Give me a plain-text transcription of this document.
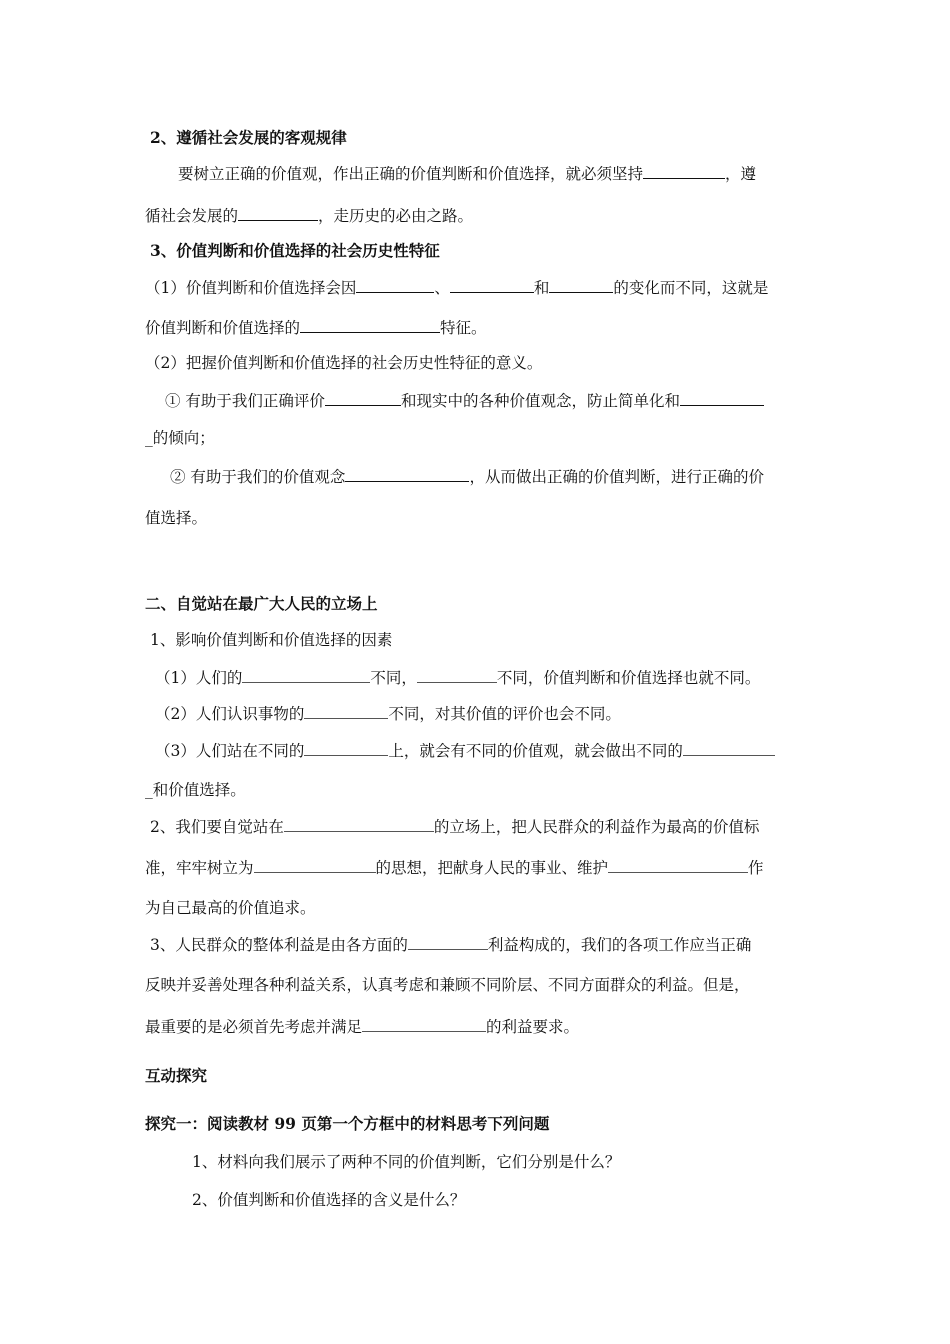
2、遵循社会发展的客观规律
要树立正确的价值观，作出正确的价值判断和价值选择，就必须坚持	，遵
循社会发展的	，走历史的必由之路。
3、价值判断和价值选择的社会历史性特征
（1）价值判断和价值选择会因	、	和	的变化而不同，这就是
价值判断和价值选择的	特征。
（2）把握价值判断和价值选择的社会历史性特征的意义。
① 有助于我们正确评价	和现实中的各种价值观念，防止简单化和
_的倾向；
② 有助于我们的价值观念	，从而做出正确的价值判断，进行正确的价
值选择。
二、自觉站在最广大人民的立场上
1、影响价值判断和价值选择的因素
（1）人们的	不同，	不同，价值判断和价值选择也就不同。
（2）人们认识事物的	不同，对其价值的评价也会不同。
（3）人们站在不同的	上，就会有不同的价值观，就会做出不同的
_和价值选择。
2、我们要自觉站在	的立场上，把人民群众的利益作为最高的价值标
准，牢牢树立为	的思想，把献身人民的事业、维护	作
为自己最高的价值追求。
3、人民群众的整体利益是由各方面的	利益构成的，我们的各项工作应当正确
反映并妥善处理各种利益关系，认真考虑和兼顾不同阶层、不同方面群众的利益。但是，
最重要的是必须首先考虑并满足	的利益要求。
互动探究
探究一：阅读教材 99 页第一个方框中的材料思考下列问题
1、材料向我们展示了两种不同的价值判断，它们分别是什么？
2、价值判断和价值选择的含义是什么？
